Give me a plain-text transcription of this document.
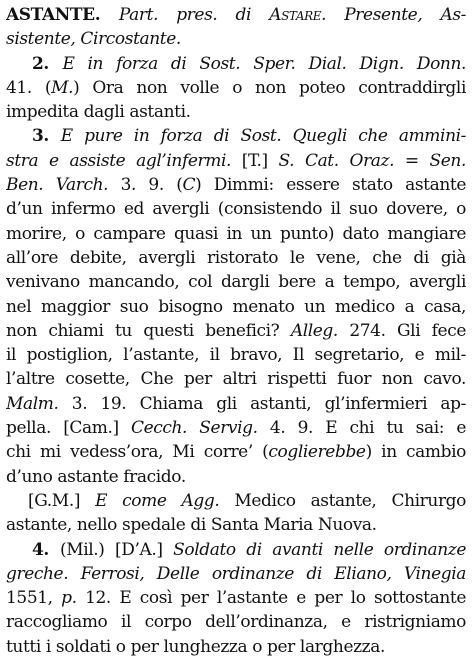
ASTANTE. Part. pres. di Astare. Presente, As-
sistente, Circostante.
2. E in forza di Sost. Sper. Dial. Dign. Donn.
41. (M.) Ora non volle o non poteo contraddirgli
impedita dagli astanti.
3. E pure in forza di Sost. Quegli che ammini-
stra e assiste agl’infermi. [T.] S. Cat. Oraz. = Sen.
Ben. Varch. 3. 9. (C) Dimmi: essere stato astante
d’un infermo ed avergli (consistendo il suo dovere, o
morire, o campare quasi in un punto) dato mangiare
all’ore debite, avergli ristorato le vene, che di già
venivano mancando, col dargli bere a tempo, avergli
nel maggior suo bisogno menato un medico a casa,
non chiami tu questi benefici? Alleg. 274. Gli fece
il postiglion, l’astante, il bravo, Il segretario, e mil-
l’altre cosette, Che per altri rispetti fuor non cavo.
Malm. 3. 19. Chiama gli astanti, gl’infermieri ap-
pella. [Cam.] Cecch. Servig. 4. 9. E chi tu sai: e
chi mi vedess’ora, Mi corre’ (coglierebbe) in cambio
d’uno astante fracido.
[G.M.] E come Agg. Medico astante, Chirurgo
astante, nello spedale di Santa Maria Nuova.
4. (Mil.) [D’A.] Soldato di avanti nelle ordinanze
greche. Ferrosi, Delle ordinanze di Eliano, Vinegia
1551, p. 12. E così per l’astante e per lo sottostante
raccogliamo il corpo dell’ordinanza, e ristrigniamo
tutti i soldati o per lunghezza o per larghezza.
